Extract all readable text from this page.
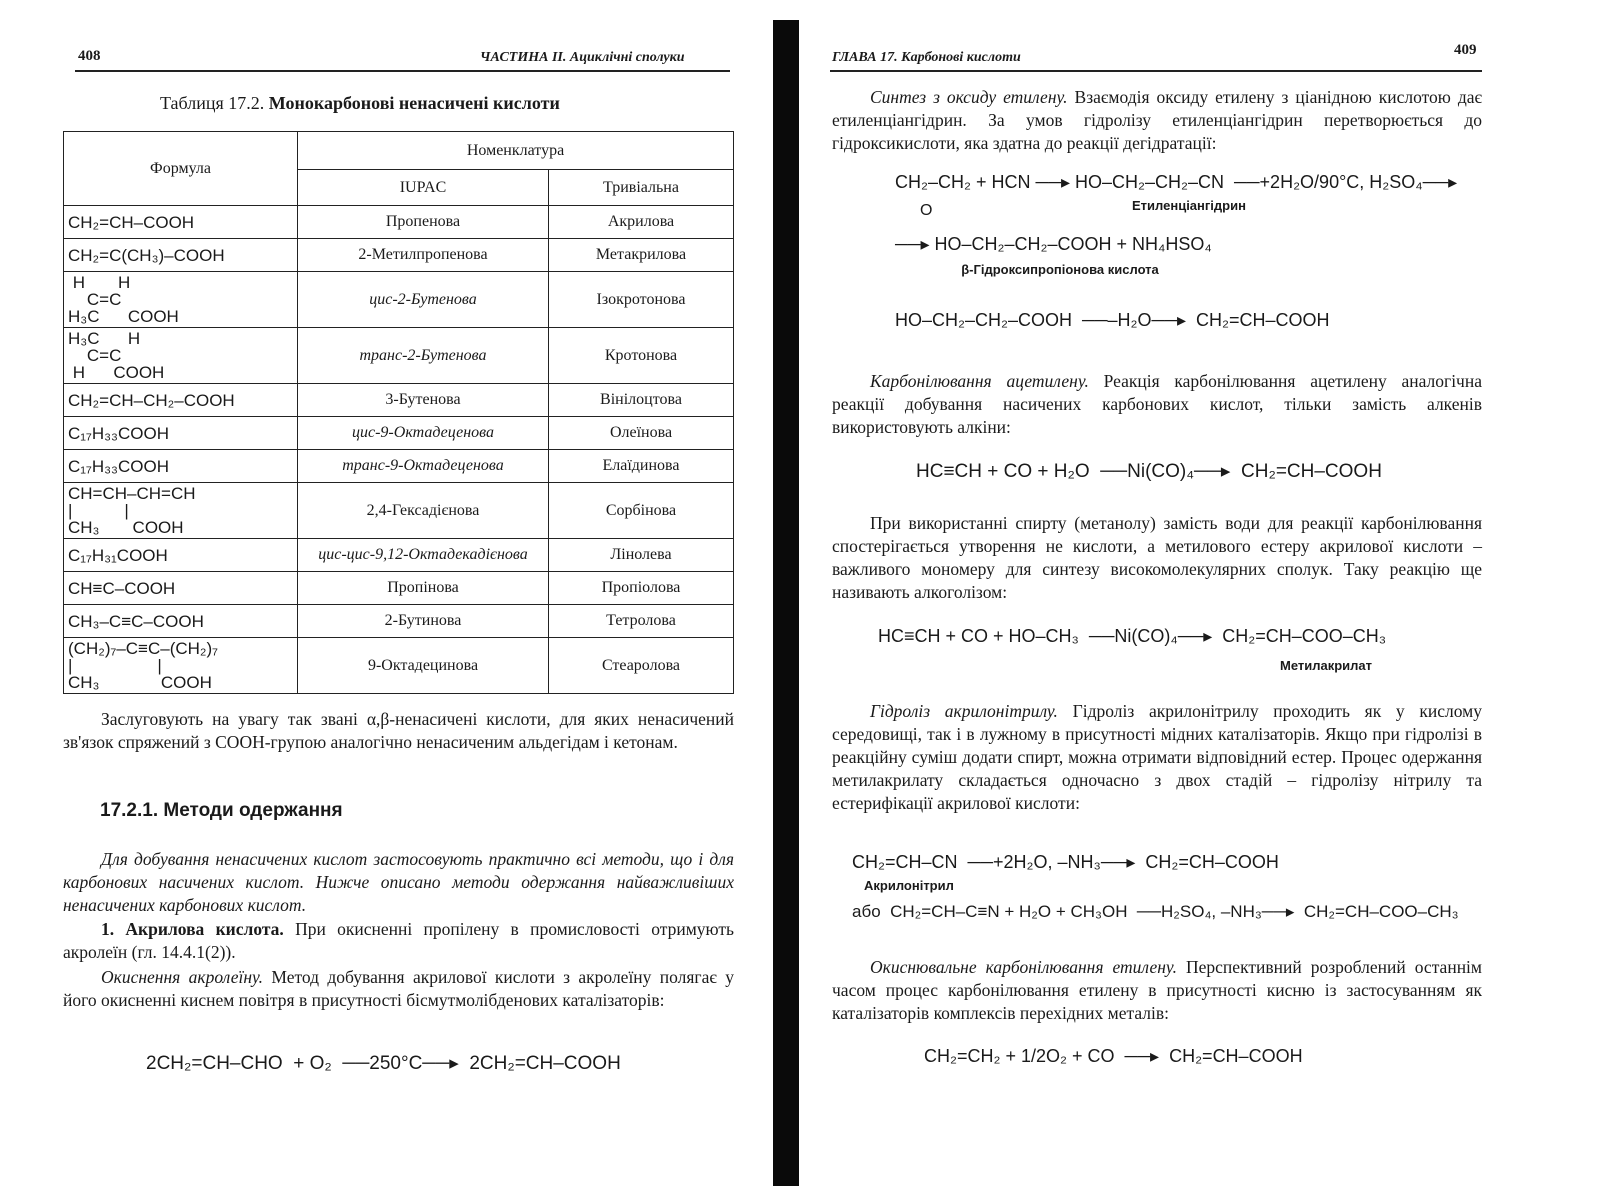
408	ЧАСТИНА II. Ациклічні сполуки
Таблиця 17.2. Монокарбонові ненасичені кислоти
Формула	Номенклатура	
	IUPAC	Тривіальна
CH₂=CH–COOH	Пропенова	Акрилова
CH₂=C(CH₃)–COOH	2-Метилпропенова	Метакрилова
H       H
C=C
H₃C      COOH	цис-2-Бутенова	Ізокротонова
H₃C      H
C=C
H      COOH	транс-2-Бутенова	Кротонова
CH₂=CH–CH₂–COOH	3-Бутенова	Вінілоцтова
C₁₇H₃₃COOH	цис-9-Октадеценова	Олеїнова
C₁₇H₃₃COOH	транс-9-Октадеценова	Елаїдинова
CH=CH–CH=CH
|           |
CH₃       COOH	2,4-Гексадієнова	Сорбінова
C₁₇H₃₁COOH	цис-цис-9,12-Октадекадієнова	Лінолева
CH≡C–COOH	Пропінова	Пропіолова
CH₃–C≡C–COOH	2-Бутинова	Тетролова
(CH₂)₇–C≡C–(CH₂)₇
|                  |
CH₃             COOH	9-Октадецинова	Стеаролова
Заслуговують на увагу так звані α,β-ненасичені кислоти, для яких ненасичений зв'язок спряжений з COOH-групою аналогічно ненасиченим альдегідам і кетонам.
17.2.1. Методи одержання
Для добування ненасичених кислот застосовують практично всі методи, що і для карбонових насичених кислот. Нижче описано методи одержання найважливіших ненасичених карбонових кислот.
1. Акрилова кислота. При окисненні пропілену в промисловості отримують акролеїн (гл. 14.4.1(2)).
Окиснення акролеїну. Метод добування акрилової кислоти з акролеїну полягає у його окисненні киснем повітря в присутності бісмутмолібденових каталізаторів:
2CH₂=CH–CHO  + O₂  ──250°C──▸  2CH₂=CH–COOH
ГЛАВА 17. Карбонові кислоти	409
Синтез з оксиду етилену. Взаємодія оксиду етилену з ціанідною кислотою дає етиленціангідрин. За умов гідролізу етиленціангідрин перетворюється до гідроксикислоти, яка здатна до реакції дегідратації:
CH₂–CH₂ + HCN ──▸ HO–CH₂–CH₂–CN  ──+2H₂O/90°C, H₂SO₄──▸
O	Етиленціангідрин
──▸ HO–CH₂–CH₂–COOH + NH₄HSO₄
β-Гідроксипропіонова кислота
HO–CH₂–CH₂–COOH  ──–H₂O──▸  CH₂=CH–COOH
Карбонілювання ацетилену. Реакція карбонілювання ацетилену аналогічна реакції добування насичених карбонових кислот, тільки замість алкенів використовують алкіни:
HC≡CH + CO + H₂O  ──Ni(CO)₄──▸  CH₂=CH–COOH
При використанні спирту (метанолу) замість води для реакції карбонілювання спостерігається утворення не кислоти, а метилового естеру акрилової кислоти – важливого мономеру для синтезу високомолекулярних сполук. Таку реакцію ще називають алкоголізом:
HC≡CH + CO + HO–CH₃  ──Ni(CO)₄──▸  CH₂=CH–COO–CH₃
Метилакрилат
Гідроліз акрилонітрилу. Гідроліз акрилонітрилу проходить як у кислому середовищі, так і в лужному в присутності мідних каталізаторів. Якщо при гідролізі в реакційну суміш додати спирт, можна отримати відповідний естер. Процес одержання метилакрилату складається одночасно з двох стадій – гідролізу нітрилу та естерифікації акрилової кислоти:
CH₂=CH–CN  ──+2H₂O, –NH₃──▸  CH₂=CH–COOH
Акрилонітрил
або  CH₂=CH–C≡N + H₂O + CH₃OH  ──H₂SO₄, –NH₃──▸  CH₂=CH–COO–CH₃
Окиснювальне карбонілювання етилену. Перспективний розроблений останнім часом процес карбонілювання етилену в присутності кисню із застосуванням як каталізаторів комплексів перехідних металів:
CH₂=CH₂ + 1/2O₂ + CO  ──▸  CH₂=CH–COOH
